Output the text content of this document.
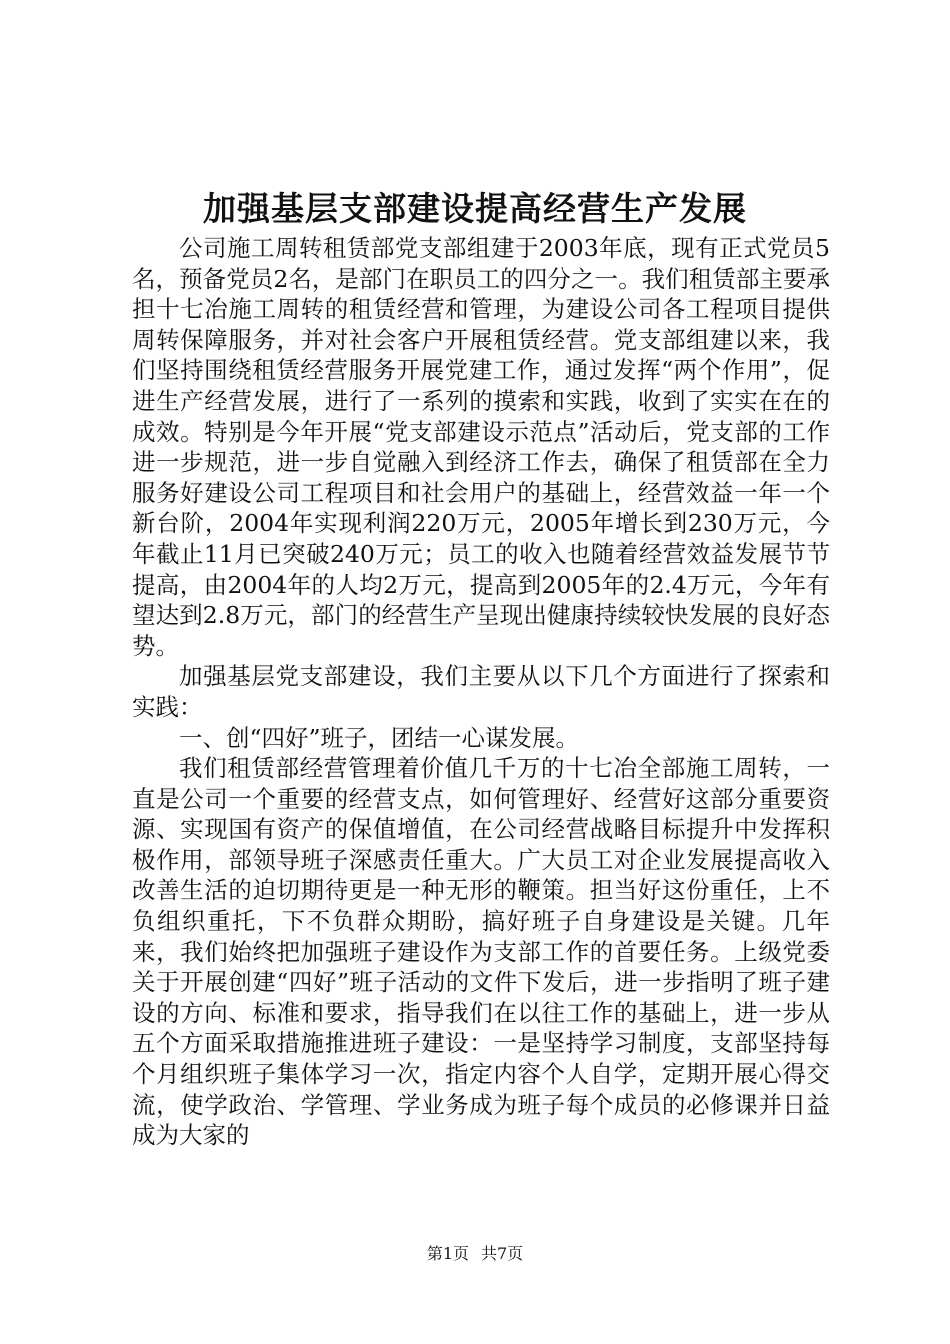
加强基层支部建设提高经营生产发展

公司施工周转租赁部党支部组建于2003年底，现有正式党员5名，预备党员2名，是部门在职员工的四分之一。我们租赁部主要承担十七冶施工周转的租赁经营和管理，为建设公司各工程项目提供周转保障服务，并对社会客户开展租赁经营。党支部组建以来，我们坚持围绕租赁经营服务开展党建工作，通过发挥“两个作用”，促进生产经营发展，进行了一系列的摸索和实践，收到了实实在在的成效。特别是今年开展“党支部建设示范点”活动后，党支部的工作进一步规范，进一步自觉融入到经济工作去，确保了租赁部在全力服务好建设公司工程项目和社会用户的基础上，经营效益一年一个新台阶，2004年实现利润220万元，2005年增长到230万元，今年截止11月已突破240万元；员工的收入也随着经营效益发展节节提高，由2004年的人均2万元，提高到2005年的2.4万元，今年有望达到2.8万元，部门的经营生产呈现出健康持续较快发展的良好态势。

加强基层党支部建设，我们主要从以下几个方面进行了探索和实践：

一、创“四好”班子，团结一心谋发展。

我们租赁部经营管理着价值几千万的十七冶全部施工周转，一直是公司一个重要的经营支点，如何管理好、经营好这部分重要资源、实现国有资产的保值增值，在公司经营战略目标提升中发挥积极作用，部领导班子深感责任重大。广大员工对企业发展提高收入改善生活的迫切期待更是一种无形的鞭策。担当好这份重任，上不负组织重托，下不负群众期盼，搞好班子自身建设是关键。几年来，我们始终把加强班子建设作为支部工作的首要任务。上级党委关于开展创建“四好”班子活动的文件下发后，进一步指明了班子建设的方向、标准和要求，指导我们在以往工作的基础上，进一步从五个方面采取措施推进班子建设：一是坚持学习制度，支部坚持每个月组织班子集体学习一次，指定内容个人自学，定期开展心得交流，使学政治、学管理、学业务成为班子每个成员的必修课并日益成为大家的

第1页 共7页
